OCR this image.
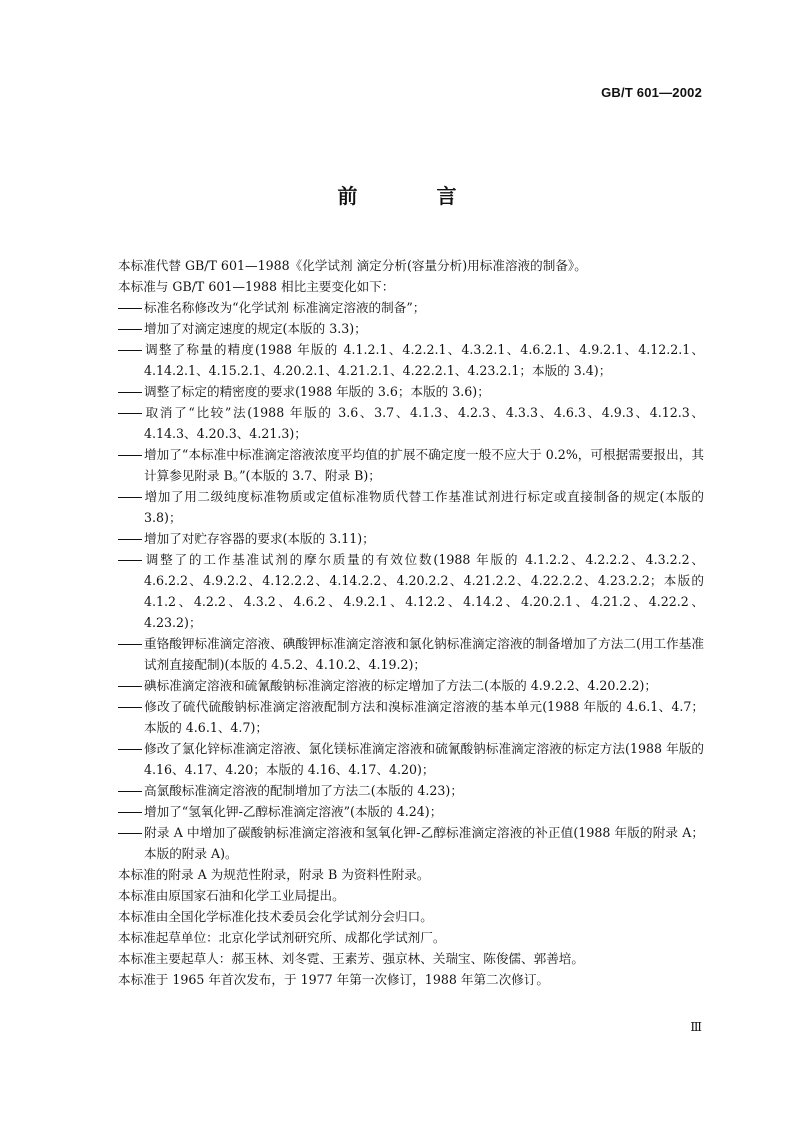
GB/T 601—2002
前 言

本标准代替 GB/T 601—1988《化学试剂 滴定分析(容量分析)用标准溶液的制备》。

本标准与 GB/T 601—1988 相比主要变化如下：

标准名称修改为“化学试剂 标准滴定溶液的制备”；

增加了对滴定速度的规定(本版的 3.3)；

调整了称量的精度(1988 年版的 4.1.2.1、4.2.2.1、4.3.2.1、4.6.2.1、4.9.2.1、4.12.2.1、4.14.2.1、4.15.2.1、4.20.2.1、4.21.2.1、4.22.2.1、4.23.2.1；本版的 3.4)；

调整了标定的精密度的要求(1988 年版的 3.6；本版的 3.6)；

取消了“比较”法(1988 年版的 3.6、3.7、4.1.3、4.2.3、4.3.3、4.6.3、4.9.3、4.12.3、4.14.3、4.20.3、4.21.3)；

增加了“本标准中标准滴定溶液浓度平均值的扩展不确定度一般不应大于 0.2%，可根据需要报出，其计算参见附录 B。”(本版的 3.7、附录 B)；

增加了用二级纯度标准物质或定值标准物质代替工作基准试剂进行标定或直接制备的规定(本版的 3.8)；

增加了对贮存容器的要求(本版的 3.11)；

调整了的工作基准试剂的摩尔质量的有效位数(1988 年版的 4.1.2.2、4.2.2.2、4.3.2.2、4.6.2.2、4.9.2.2、4.12.2.2、4.14.2.2、4.20.2.2、4.21.2.2、4.22.2.2、4.23.2.2；本版的 4.1.2、4.2.2、4.3.2、4.6.2、4.9.2.1、4.12.2、4.14.2、4.20.2.1、4.21.2、4.22.2、4.23.2)；

重铬酸钾标准滴定溶液、碘酸钾标准滴定溶液和氯化钠标准滴定溶液的制备增加了方法二(用工作基准试剂直接配制)(本版的 4.5.2、4.10.2、4.19.2)；

碘标准滴定溶液和硫氰酸钠标准滴定溶液的标定增加了方法二(本版的 4.9.2.2、4.20.2.2)；

修改了硫代硫酸钠标准滴定溶液配制方法和溴标准滴定溶液的基本单元(1988 年版的 4.6.1、4.7；本版的 4.6.1、4.7)；

修改了氯化锌标准滴定溶液、氯化镁标准滴定溶液和硫氰酸钠标准滴定溶液的标定方法(1988 年版的 4.16、4.17、4.20；本版的 4.16、4.17、4.20)；

高氯酸标准滴定溶液的配制增加了方法二(本版的 4.23)；

增加了“氢氧化钾-乙醇标准滴定溶液”(本版的 4.24)；

附录 A 中增加了碳酸钠标准滴定溶液和氢氧化钾-乙醇标准滴定溶液的补正值(1988 年版的附录 A；本版的附录 A)。

本标准的附录 A 为规范性附录，附录 B 为资料性附录。

本标准由原国家石油和化学工业局提出。

本标准由全国化学标准化技术委员会化学试剂分会归口。

本标准起草单位：北京化学试剂研究所、成都化学试剂厂。

本标准主要起草人：郝玉林、刘冬霓、王素芳、强京林、关瑞宝、陈俊儒、郭善培。

本标准于 1965 年首次发布，于 1977 年第一次修订，1988 年第二次修订。

Ⅲ
